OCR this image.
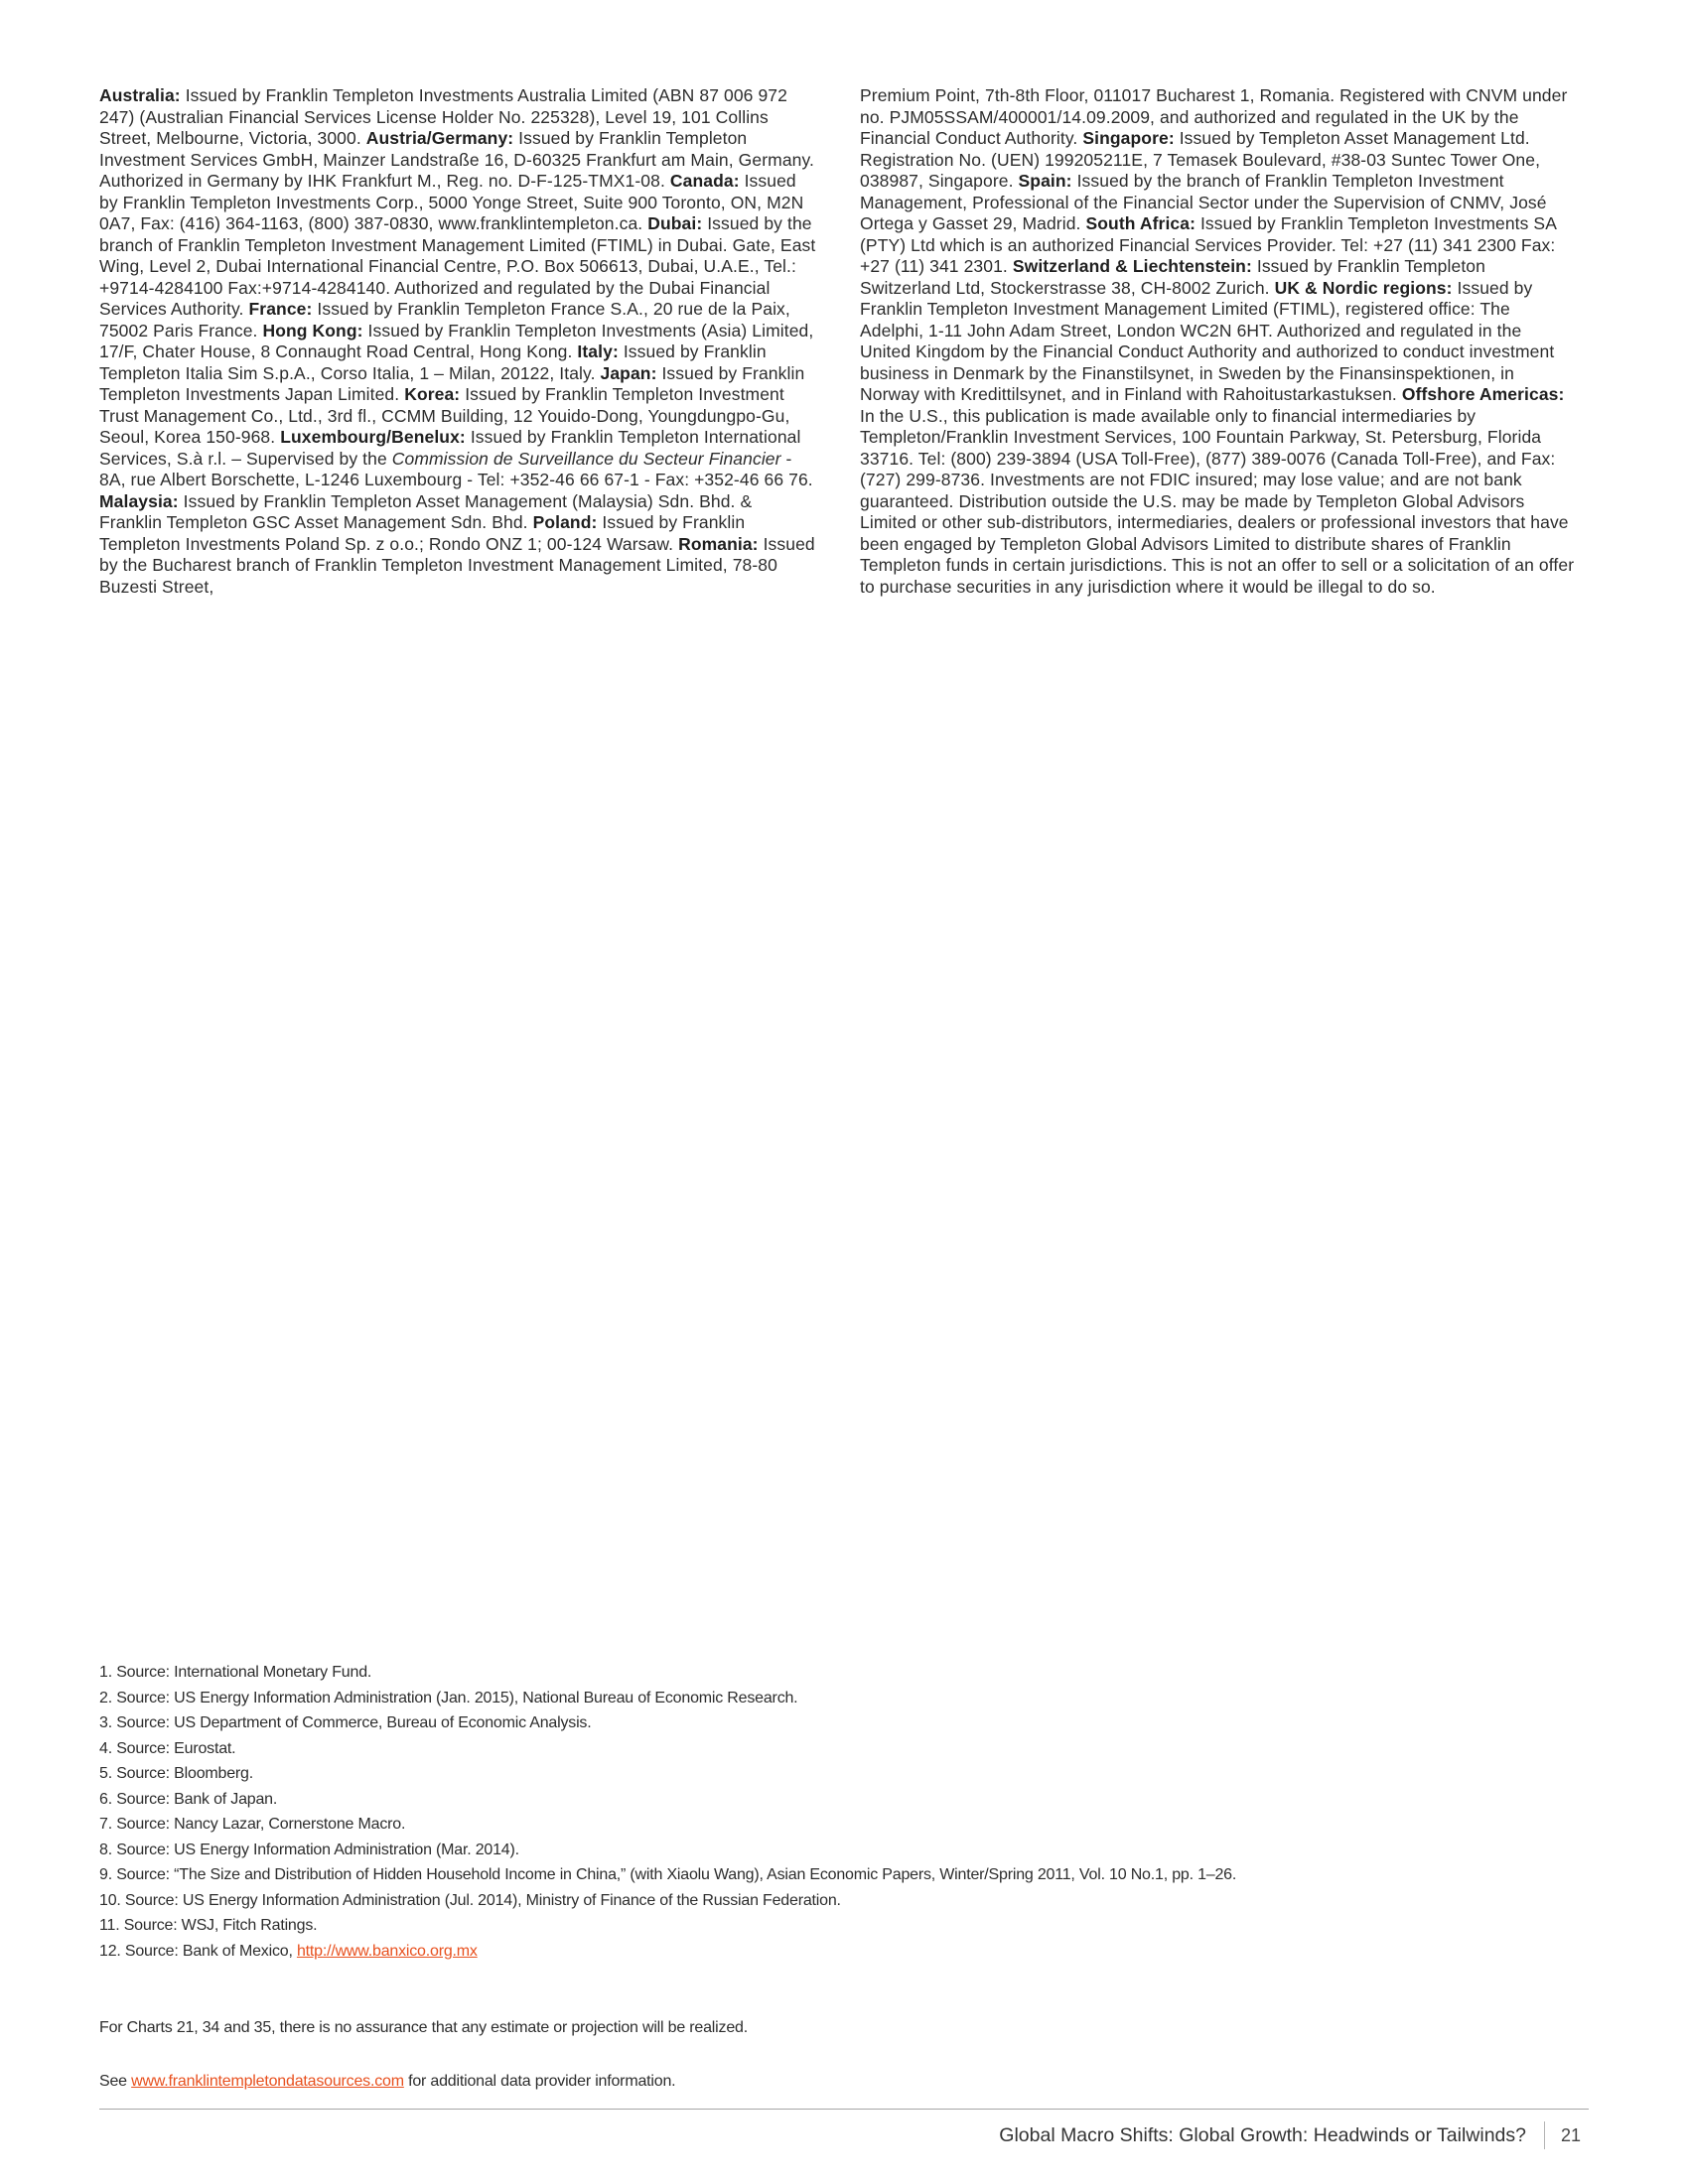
Australia: Issued by Franklin Templeton Investments Australia Limited (ABN 87 006 972 247) (Australian Financial Services License Holder No. 225328), Level 19, 101 Collins Street, Melbourne, Victoria, 3000. Austria/Germany: Issued by Franklin Templeton Investment Services GmbH, Mainzer Landstraße 16, D-60325 Frankfurt am Main, Germany. Authorized in Germany by IHK Frankfurt M., Reg. no. D-F-125-TMX1-08. Canada: Issued by Franklin Templeton Investments Corp., 5000 Yonge Street, Suite 900 Toronto, ON, M2N 0A7, Fax: (416) 364-1163, (800) 387-0830, www.franklintempleton.ca. Dubai: Issued by the branch of Franklin Templeton Investment Management Limited (FTIML) in Dubai. Gate, East Wing, Level 2, Dubai International Financial Centre, P.O. Box 506613, Dubai, U.A.E., Tel.: +9714-4284100 Fax:+9714-4284140. Authorized and regulated by the Dubai Financial Services Authority. France: Issued by Franklin Templeton France S.A., 20 rue de la Paix, 75002 Paris France. Hong Kong: Issued by Franklin Templeton Investments (Asia) Limited, 17/F, Chater House, 8 Connaught Road Central, Hong Kong. Italy: Issued by Franklin Templeton Italia Sim S.p.A., Corso Italia, 1 – Milan, 20122, Italy. Japan: Issued by Franklin Templeton Investments Japan Limited. Korea: Issued by Franklin Templeton Investment Trust Management Co., Ltd., 3rd fl., CCMM Building, 12 Youido-Dong, Youngdungpo-Gu, Seoul, Korea 150-968. Luxembourg/Benelux: Issued by Franklin Templeton International Services, S.à r.l. – Supervised by the Commission de Surveillance du Secteur Financier - 8A, rue Albert Borschette, L-1246 Luxembourg - Tel: +352-46 66 67-1 - Fax: +352-46 66 76. Malaysia: Issued by Franklin Templeton Asset Management (Malaysia) Sdn. Bhd. & Franklin Templeton GSC Asset Management Sdn. Bhd. Poland: Issued by Franklin Templeton Investments Poland Sp. z o.o.; Rondo ONZ 1; 00-124 Warsaw. Romania: Issued by the Bucharest branch of Franklin Templeton Investment Management Limited, 78-80 Buzesti Street,
Premium Point, 7th-8th Floor, 011017 Bucharest 1, Romania. Registered with CNVM under no. PJM05SSAM/400001/14.09.2009, and authorized and regulated in the UK by the Financial Conduct Authority. Singapore: Issued by Templeton Asset Management Ltd. Registration No. (UEN) 199205211E, 7 Temasek Boulevard, #38-03 Suntec Tower One, 038987, Singapore. Spain: Issued by the branch of Franklin Templeton Investment Management, Professional of the Financial Sector under the Supervision of CNMV, José Ortega y Gasset 29, Madrid. South Africa: Issued by Franklin Templeton Investments SA (PTY) Ltd which is an authorized Financial Services Provider. Tel: +27 (11) 341 2300 Fax: +27 (11) 341 2301. Switzerland & Liechtenstein: Issued by Franklin Templeton Switzerland Ltd, Stockerstrasse 38, CH-8002 Zurich. UK & Nordic regions: Issued by Franklin Templeton Investment Management Limited (FTIML), registered office: The Adelphi, 1-11 John Adam Street, London WC2N 6HT. Authorized and regulated in the United Kingdom by the Financial Conduct Authority and authorized to conduct investment business in Denmark by the Finanstilsynet, in Sweden by the Finansinspektionen, in Norway with Kredittilsynet, and in Finland with Rahoitustarkastuksen. Offshore Americas: In the U.S., this publication is made available only to financial intermediaries by Templeton/Franklin Investment Services, 100 Fountain Parkway, St. Petersburg, Florida 33716. Tel: (800) 239-3894 (USA Toll-Free), (877) 389-0076 (Canada Toll-Free), and Fax: (727) 299-8736. Investments are not FDIC insured; may lose value; and are not bank guaranteed. Distribution outside the U.S. may be made by Templeton Global Advisors Limited or other sub-distributors, intermediaries, dealers or professional investors that have been engaged by Templeton Global Advisors Limited to distribute shares of Franklin Templeton funds in certain jurisdictions. This is not an offer to sell or a solicitation of an offer to purchase securities in any jurisdiction where it would be illegal to do so.
1. Source: International Monetary Fund.
2. Source: US Energy Information Administration (Jan. 2015), National Bureau of Economic Research.
3. Source: US Department of Commerce, Bureau of Economic Analysis.
4. Source: Eurostat.
5. Source: Bloomberg.
6. Source: Bank of Japan.
7. Source: Nancy Lazar, Cornerstone Macro.
8. Source: US Energy Information Administration (Mar. 2014).
9. Source: “The Size and Distribution of Hidden Household Income in China,” (with Xiaolu Wang), Asian Economic Papers, Winter/Spring 2011, Vol. 10 No.1, pp. 1–26.
10. Source: US Energy Information Administration (Jul. 2014), Ministry of Finance of the Russian Federation.
11. Source: WSJ, Fitch Ratings.
12. Source: Bank of Mexico, http://www.banxico.org.mx
For Charts 21, 34 and 35, there is no assurance that any estimate or projection will be realized.
See www.franklintempletondatasources.com for additional data provider information.
Global Macro Shifts: Global Growth: Headwinds or Tailwinds? 21
